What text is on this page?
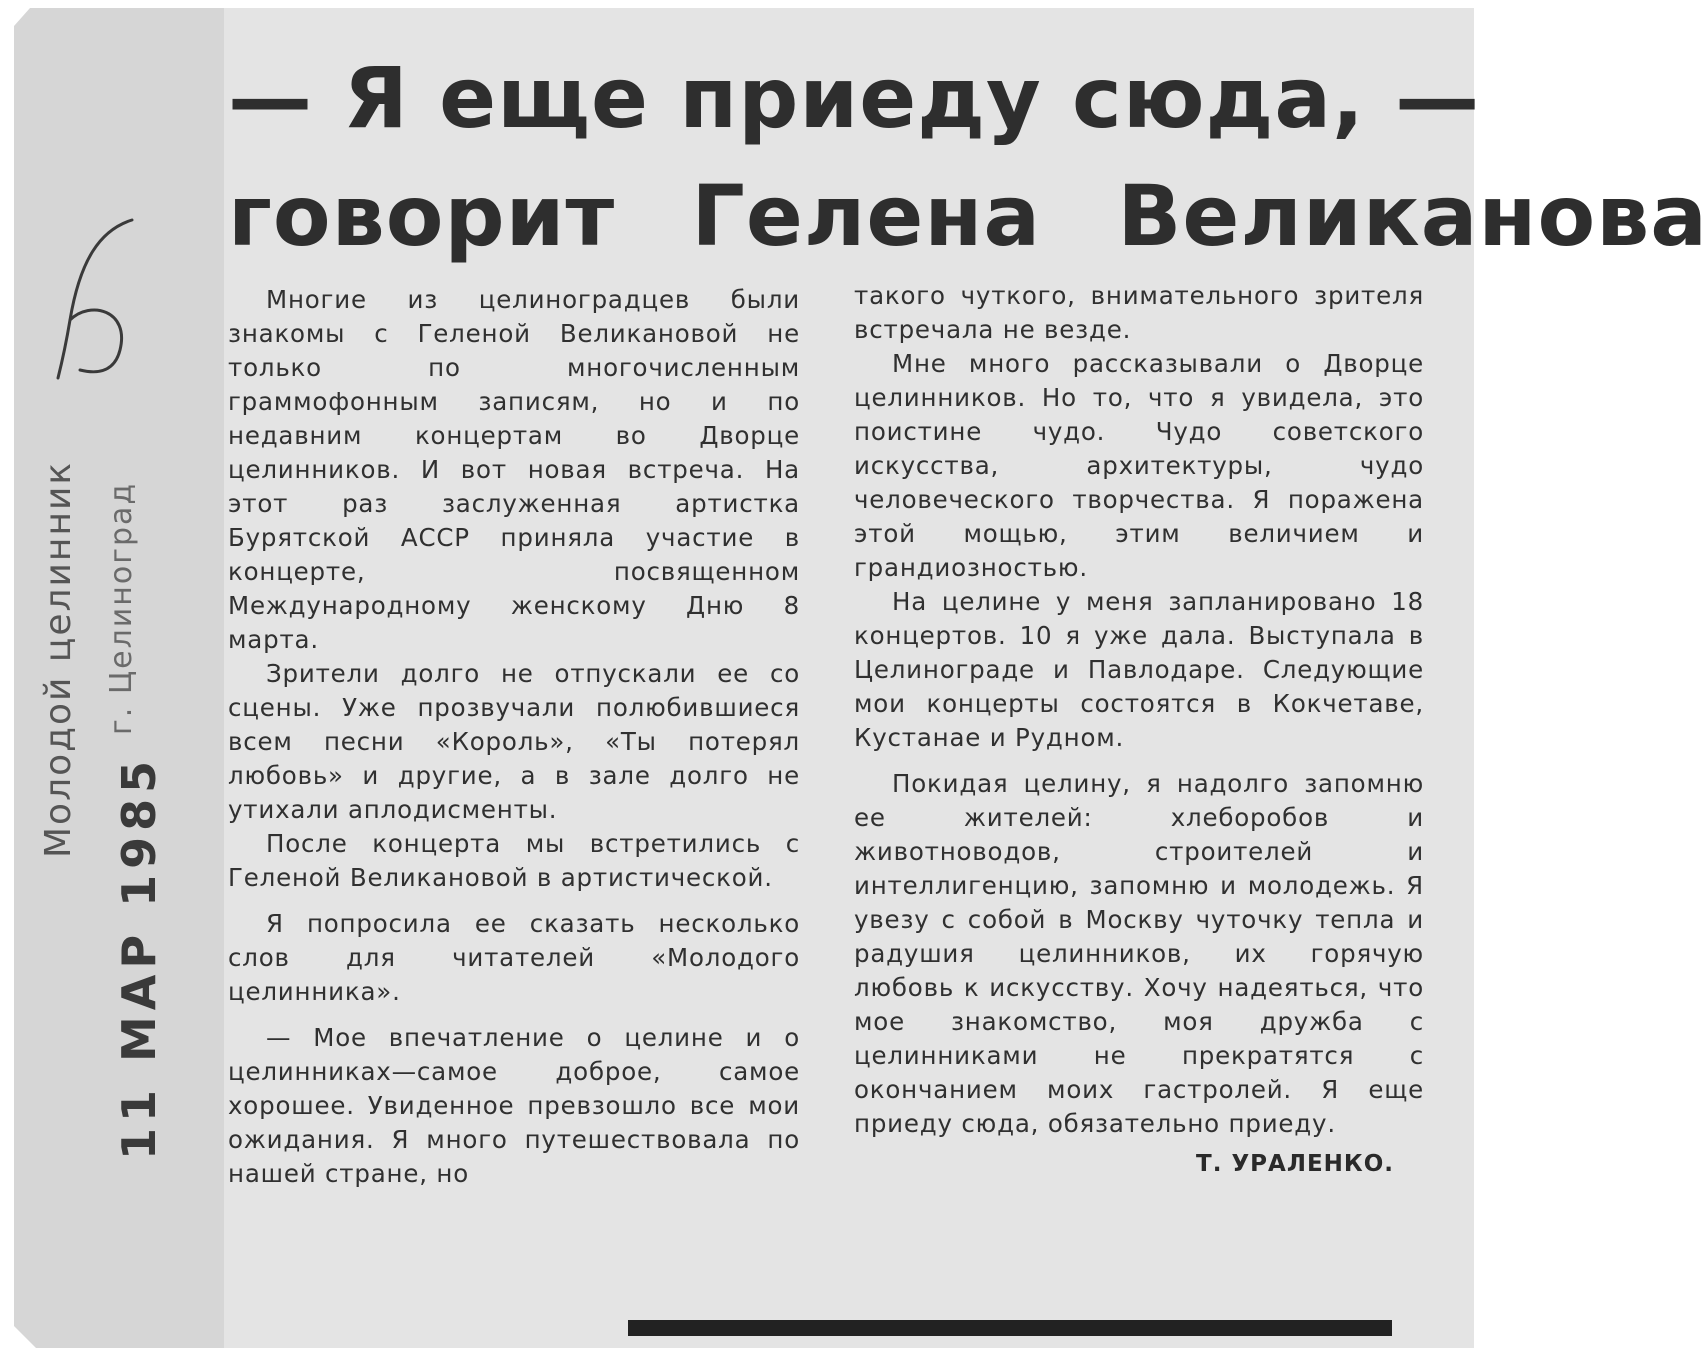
Молодой целинник г. Целиноград
11 МАР 1985
— Я еще приеду сюда, —
говорит Гелена Великанова

Многие из целиноградцев были знакомы с Геленой Великановой не только по многочисленным граммофонным записям, но и по недавним концертам во Дворце целинников. И вот новая встреча. На этот раз заслуженная артистка Бурятской АССР приняла участие в концерте, посвященном Международному женскому Дню 8 марта.

Зрители долго не отпускали ее со сцены. Уже прозвучали полюбившиеся всем песни «Король», «Ты потерял любовь» и другие, а в зале долго не утихали аплодисменты.

После концерта мы встретились с Геленой Великановой в артистической.

Я попросила ее сказать несколько слов для читателей «Молодого целинника».

— Мое впечатление о целине и о целинниках—самое доброе, самое хорошее. Увиденное превзошло все мои ожидания. Я много путешествовала по нашей стране, но

такого чуткого, внимательного зрителя встречала не везде.

Мне много рассказывали о Дворце целинников. Но то, что я увидела, это поистине чудо. Чудо советского искусства, архитектуры, чудо человеческого творчества. Я поражена этой мощью, этим величием и грандиозностью.

На целине у меня запланировано 18 концертов. 10 я уже дала. Выступала в Целинограде и Павлодаре. Следующие мои концерты состоятся в Кокчетаве, Кустанае и Рудном.

Покидая целину, я надолго запомню ее жителей: хлеборобов и животноводов, строителей и интеллигенцию, запомню и молодежь. Я увезу с собой в Москву чуточку тепла и радушия целинников, их горячую любовь к искусству. Хочу надеяться, что мое знакомство, моя дружба с целинниками не прекратятся с окончанием моих гастролей. Я еще приеду сюда, обязательно приеду.

Т. УРАЛЕНКО.
